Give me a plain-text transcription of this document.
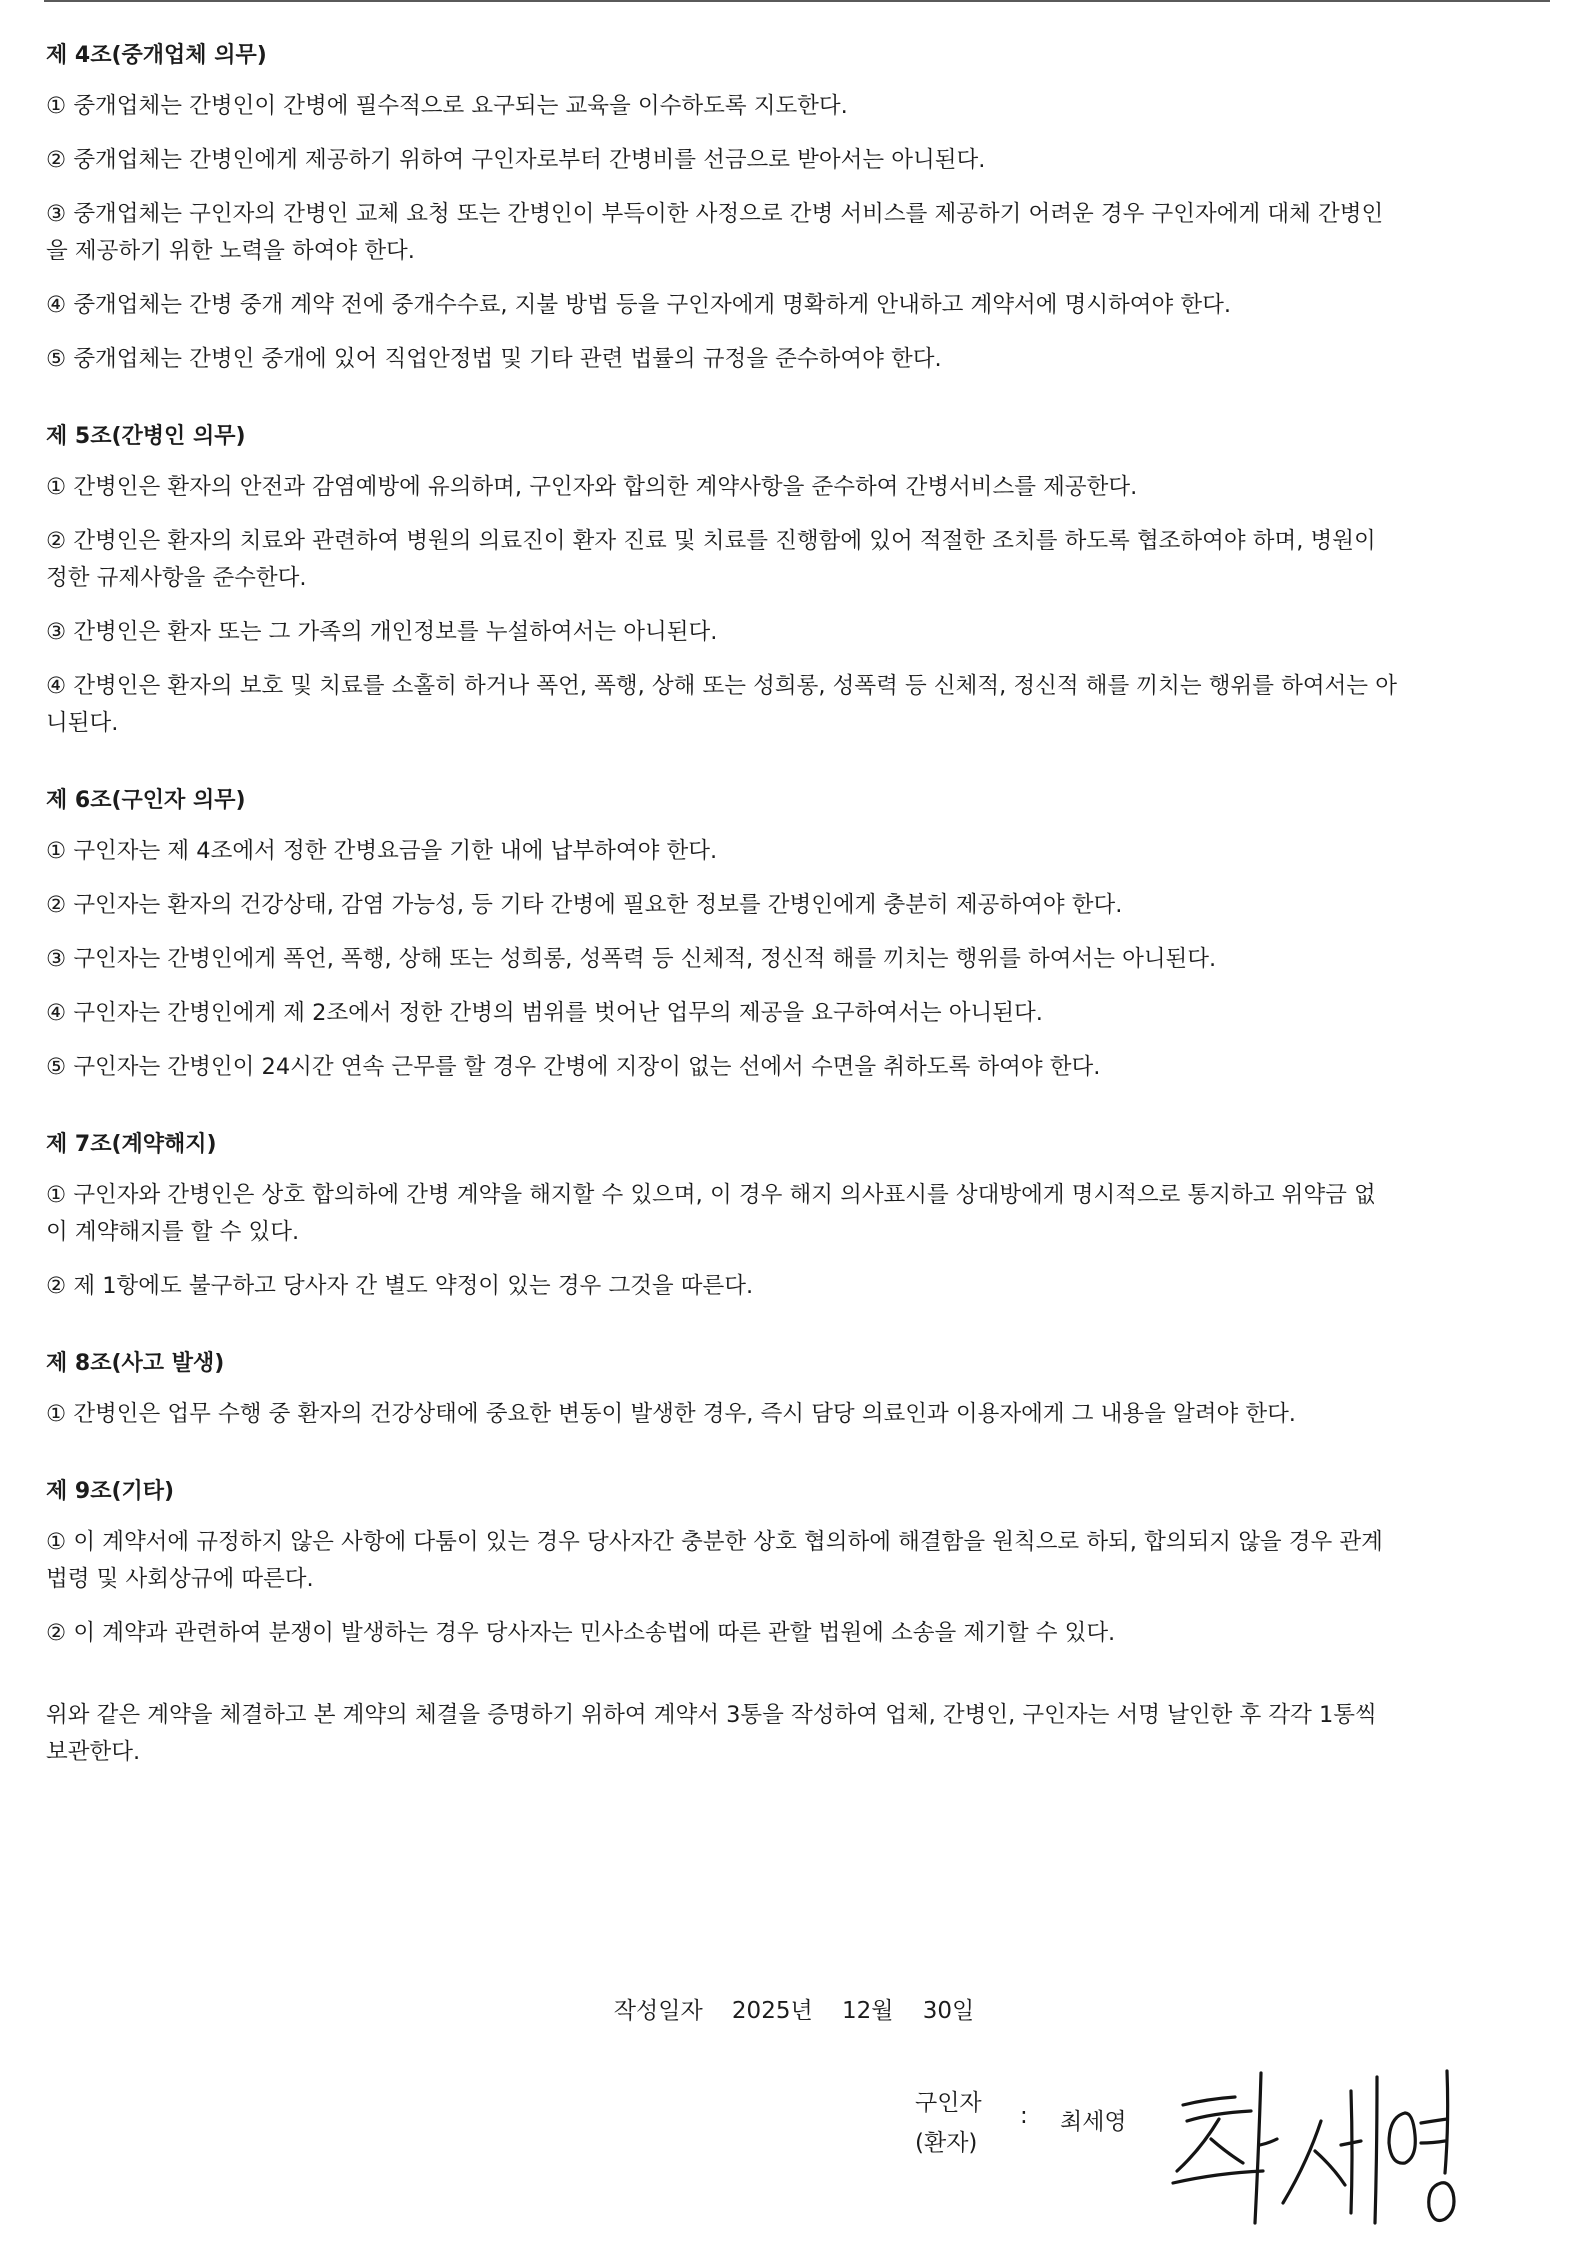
제 4조(중개업체 의무)
① 중개업체는 간병인이 간병에 필수적으로 요구되는 교육을 이수하도록 지도한다.
② 중개업체는 간병인에게 제공하기 위하여 구인자로부터 간병비를 선금으로 받아서는 아니된다.
③ 중개업체는 구인자의 간병인 교체 요청 또는 간병인이 부득이한 사정으로 간병 서비스를 제공하기 어려운 경우 구인자에게 대체 간병인
을 제공하기 위한 노력을 하여야 한다.
④ 중개업체는 간병 중개 계약 전에 중개수수료, 지불 방법 등을 구인자에게 명확하게 안내하고 계약서에 명시하여야 한다.
⑤ 중개업체는 간병인 중개에 있어 직업안정법 및 기타 관련 법률의 규정을 준수하여야 한다.
제 5조(간병인 의무)
① 간병인은 환자의 안전과 감염예방에 유의하며, 구인자와 합의한 계약사항을 준수하여 간병서비스를 제공한다.
② 간병인은 환자의 치료와 관련하여 병원의 의료진이 환자 진료 및 치료를 진행함에 있어 적절한 조치를 하도록 협조하여야 하며, 병원이
정한 규제사항을 준수한다.
③ 간병인은 환자 또는 그 가족의 개인정보를 누설하여서는 아니된다.
④ 간병인은 환자의 보호 및 치료를 소홀히 하거나 폭언, 폭행, 상해 또는 성희롱, 성폭력 등 신체적, 정신적 해를 끼치는 행위를 하여서는 아
니된다.
제 6조(구인자 의무)
① 구인자는 제 4조에서 정한 간병요금을 기한 내에 납부하여야 한다.
② 구인자는 환자의 건강상태, 감염 가능성, 등 기타 간병에 필요한 정보를 간병인에게 충분히 제공하여야 한다.
③ 구인자는 간병인에게 폭언, 폭행, 상해 또는 성희롱, 성폭력 등 신체적, 정신적 해를 끼치는 행위를 하여서는 아니된다.
④ 구인자는 간병인에게 제 2조에서 정한 간병의 범위를 벗어난 업무의 제공을 요구하여서는 아니된다.
⑤ 구인자는 간병인이 24시간 연속 근무를 할 경우 간병에 지장이 없는 선에서 수면을 취하도록 하여야 한다.
제 7조(계약해지)
① 구인자와 간병인은 상호 합의하에 간병 계약을 해지할 수 있으며, 이 경우 해지 의사표시를 상대방에게 명시적으로 통지하고 위약금 없
이 계약해지를 할 수 있다.
② 제 1항에도 불구하고 당사자 간 별도 약정이 있는 경우 그것을 따른다.
제 8조(사고 발생)
① 간병인은 업무 수행 중 환자의 건강상태에 중요한 변동이 발생한 경우, 즉시 담당 의료인과 이용자에게 그 내용을 알려야 한다.
제 9조(기타)
① 이 계약서에 규정하지 않은 사항에 다툼이 있는 경우 당사자간 충분한 상호 협의하에 해결함을 원칙으로 하되, 합의되지 않을 경우 관계
법령 및 사회상규에 따른다.
② 이 계약과 관련하여 분쟁이 발생하는 경우 당사자는 민사소송법에 따른 관할 법원에 소송을 제기할 수 있다.
위와 같은 계약을 체결하고 본 계약의 체결을 증명하기 위하여 계약서 3통을 작성하여 업체, 간병인, 구인자는 서명 날인한 후 각각 1통씩
보관한다.
작성일자 2025년 12월 30일
구인자
(환자)
: 최세영
